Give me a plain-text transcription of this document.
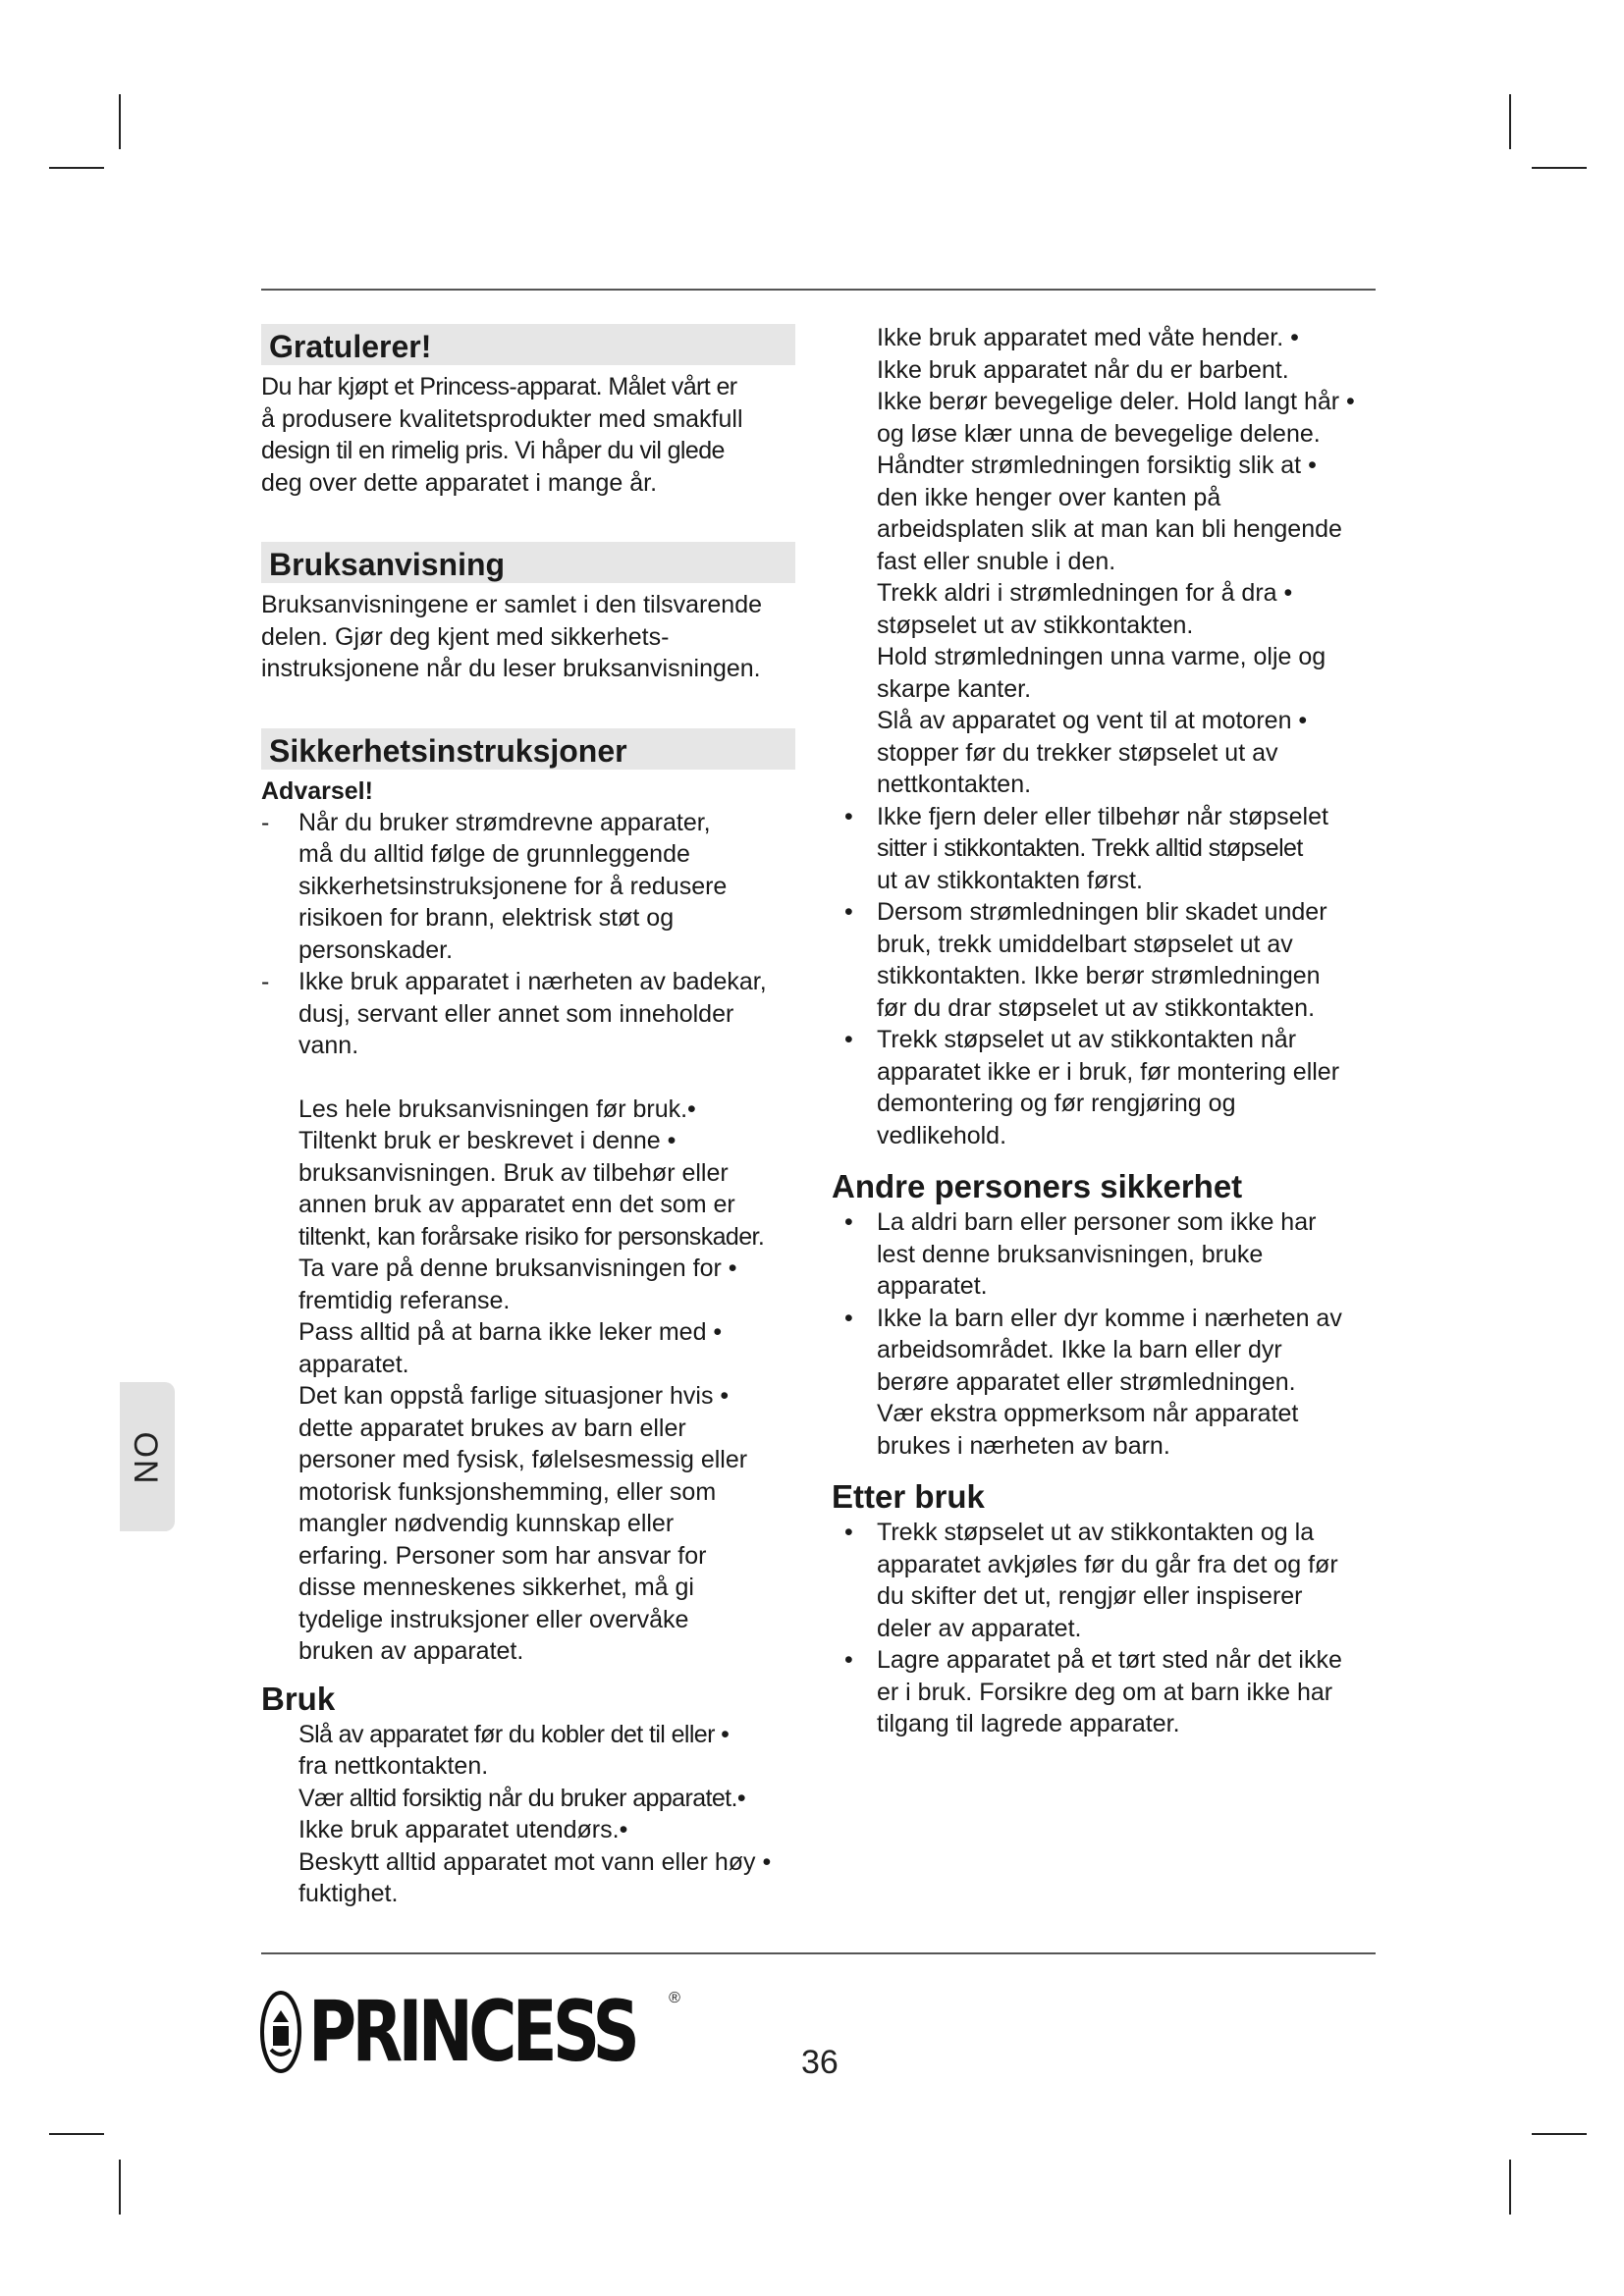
NO
Gratulerer!

Du har kjøpt et Princess-apparat. Målet vårt er

å produsere kvalitetsprodukter med smakfull

design til en rimelig pris. Vi håper du vil glede

deg over dette apparatet i mange år.

Bruksanvisning

Bruksanvisningene er samlet i den tilsvarende

delen. Gjør deg kjent med sikkerhets-

instruksjonene når du leser bruksanvisningen.

Sikkerhetsinstruksjoner

Advarsel!

- Når du bruker strømdrevne apparater,

må du alltid følge de grunnleggende

sikkerhetsinstruksjonene for å redusere

risikoen for brann, elektrisk støt og

personskader.

- Ikke bruk apparatet i nærheten av badekar,

dusj, servant eller annet som inneholder

vann.

Les hele bruksanvisningen før bruk.•

Tiltenkt bruk er beskrevet i denne •

bruksanvisningen. Bruk av tilbehør eller

annen bruk av apparatet enn det som er

tiltenkt, kan forårsake risiko for personskader.

Ta vare på denne bruksanvisningen for •

fremtidig referanse.

Pass alltid på at barna ikke leker med •

apparatet.

Det kan oppstå farlige situasjoner hvis •

dette apparatet brukes av barn eller

personer med fysisk, følelsesmessig eller

motorisk funksjonshemming, eller som

mangler nødvendig kunnskap eller

erfaring. Personer som har ansvar for

disse menneskenes sikkerhet, må gi

tydelige instruksjoner eller overvåke

bruken av apparatet.

Bruk

Slå av apparatet før du kobler det til eller •

fra nettkontakten.

Vær alltid forsiktig når du bruker apparatet.•

Ikke bruk apparatet utendørs.•

Beskytt alltid apparatet mot vann eller høy •

fuktighet.

Ikke bruk apparatet med våte hender. •

Ikke bruk apparatet når du er barbent.

Ikke berør bevegelige deler. Hold langt hår •

og løse klær unna de bevegelige delene.

Håndter strømledningen forsiktig slik at •

den ikke henger over kanten på

arbeidsplaten slik at man kan bli hengende

fast eller snuble i den.

Trekk aldri i strømledningen for å dra •

støpselet ut av stikkontakten.

Hold strømledningen unna varme, olje og

skarpe kanter.

Slå av apparatet og vent til at motoren •

stopper før du trekker støpselet ut av

nettkontakten.

• Ikke fjern deler eller tilbehør når støpselet

sitter i stikkontakten. Trekk alltid støpselet

ut av stikkontakten først.

• Dersom strømledningen blir skadet under

bruk, trekk umiddelbart støpselet ut av

stikkontakten. Ikke berør strømledningen

før du drar støpselet ut av stikkontakten.

• Trekk støpselet ut av stikkontakten når

apparatet ikke er i bruk, før montering eller

demontering og før rengjøring og

vedlikehold.

Andre personers sikkerhet
• La aldri barn eller personer som ikke har

lest denne bruksanvisningen, bruke

apparatet.

• Ikke la barn eller dyr komme i nærheten av

arbeidsområdet. Ikke la barn eller dyr

berøre apparatet eller strømledningen.

Vær ekstra oppmerksom når apparatet

brukes i nærheten av barn.

Etter bruk
• Trekk støpselet ut av stikkontakten og la

apparatet avkjøles før du går fra det og før

du skifter det ut, rengjør eller inspiserer

deler av apparatet.

• Lagre apparatet på et tørt sted når det ikke

er i bruk. Forsikre deg om at barn ikke har

tilgang til lagrede apparater.

PRINCESS ®
36
